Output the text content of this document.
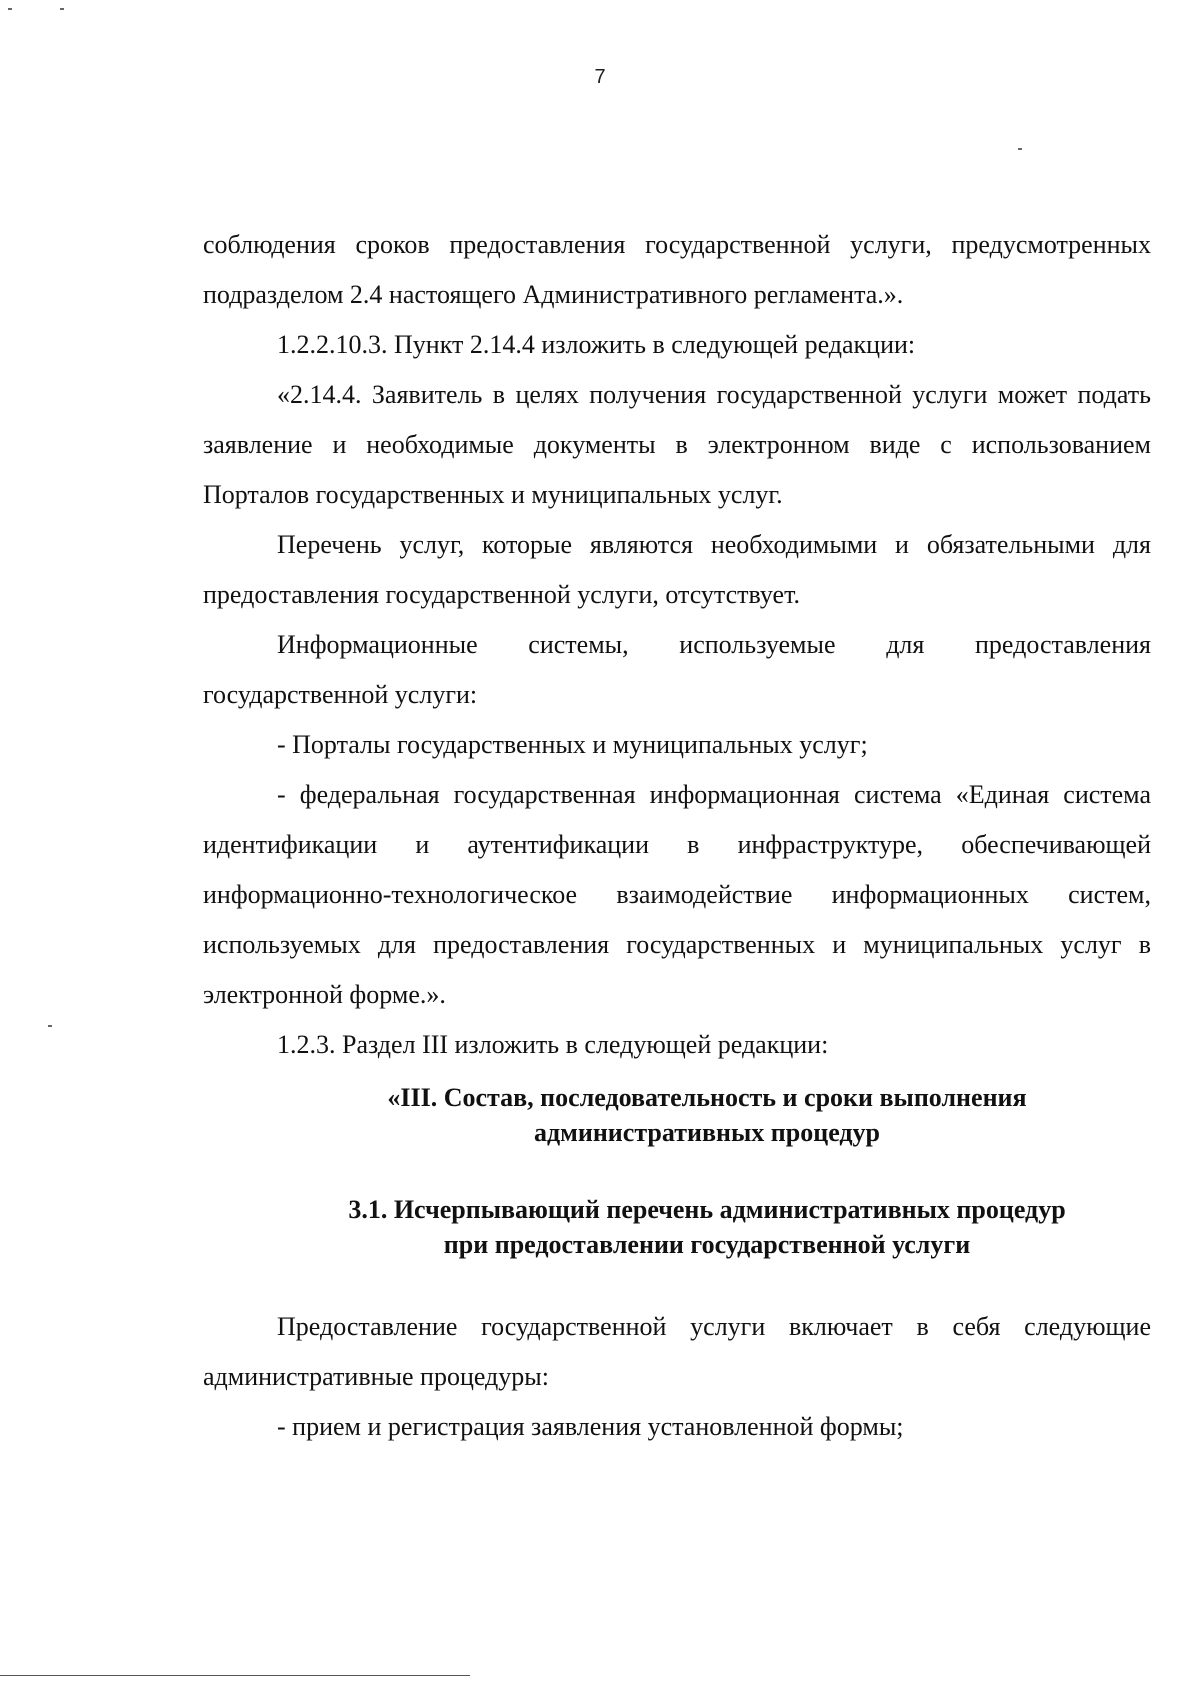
7

соблюдения сроков предоставления государственной услуги, предусмотренных подразделом 2.4 настоящего Административного регламента.».

1.2.2.10.3. Пункт 2.14.4 изложить в следующей редакции:

«2.14.4. Заявитель в целях получения государственной услуги может подать заявление и необходимые документы в электронном виде с использованием Порталов государственных и муниципальных услуг.

Перечень услуг, которые являются необходимыми и обязательными для предоставления государственной услуги, отсутствует.

Информационные системы, используемые для предоставления государственной услуги:

- Порталы государственных и муниципальных услуг;

- федеральная государственная информационная система «Единая система идентификации и аутентификации в инфраструктуре, обеспечивающей информационно-технологическое взаимодействие информационных систем, используемых для предоставления государственных и муниципальных услуг в электронной форме.».

1.2.3. Раздел III изложить в следующей редакции:

«III. Состав, последовательность и сроки выполнения
административных процедур
3.1. Исчерпывающий перечень административных процедур
при предоставлении государственной услуги

Предоставление государственной услуги включает в себя следующие административные процедуры:

- прием и регистрация заявления установленной формы;
